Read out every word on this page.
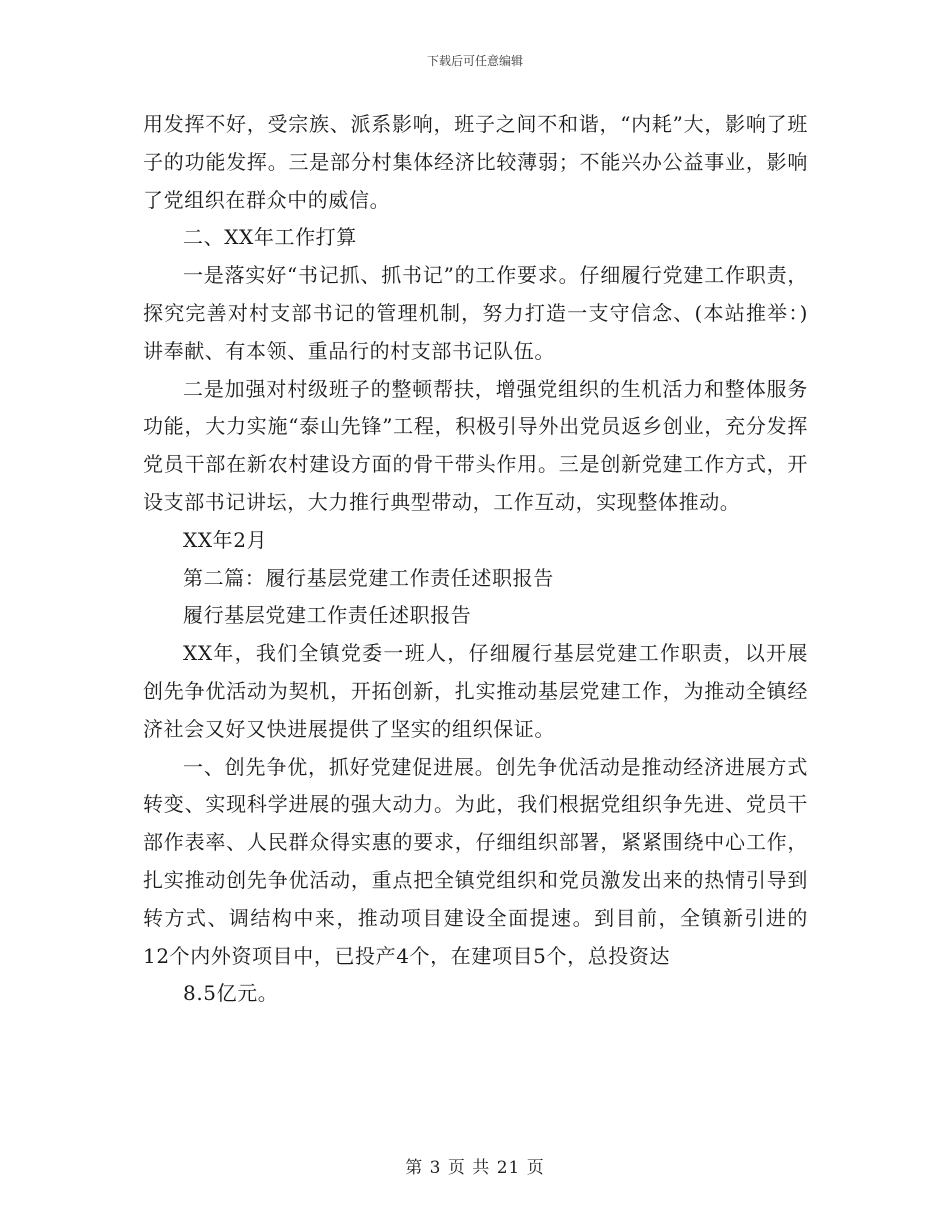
下载后可任意编辑

用发挥不好，受宗族、派系影响，班子之间不和谐，“内耗”大，影响了班子的功能发挥。三是部分村集体经济比较薄弱；不能兴办公益事业，影响了党组织在群众中的威信。

二、XX年工作打算

一是落实好“书记抓、抓书记”的工作要求。仔细履行党建工作职责，探究完善对村支部书记的管理机制，努力打造一支守信念、(本站推举：)讲奉献、有本领、重品行的村支部书记队伍。

二是加强对村级班子的整顿帮扶，增强党组织的生机活力和整体服务功能，大力实施“泰山先锋”工程，积极引导外出党员返乡创业，充分发挥党员干部在新农村建设方面的骨干带头作用。三是创新党建工作方式，开设支部书记讲坛，大力推行典型带动，工作互动，实现整体推动。

XX年2月

第二篇：履行基层党建工作责任述职报告

履行基层党建工作责任述职报告

XX年，我们全镇党委一班人，仔细履行基层党建工作职责，以开展创先争优活动为契机，开拓创新，扎实推动基层党建工作，为推动全镇经济社会又好又快进展提供了坚实的组织保证。

一、创先争优，抓好党建促进展。创先争优活动是推动经济进展方式转变、实现科学进展的强大动力。为此，我们根据党组织争先进、党员干部作表率、人民群众得实惠的要求，仔细组织部署，紧紧围绕中心工作，扎实推动创先争优活动，重点把全镇党组织和党员激发出来的热情引导到转方式、调结构中来，推动项目建设全面提速。到目前，全镇新引进的12个内外资项目中，已投产4个，在建项目5个，总投资达

8.5亿元。

第 3 页 共 21 页
